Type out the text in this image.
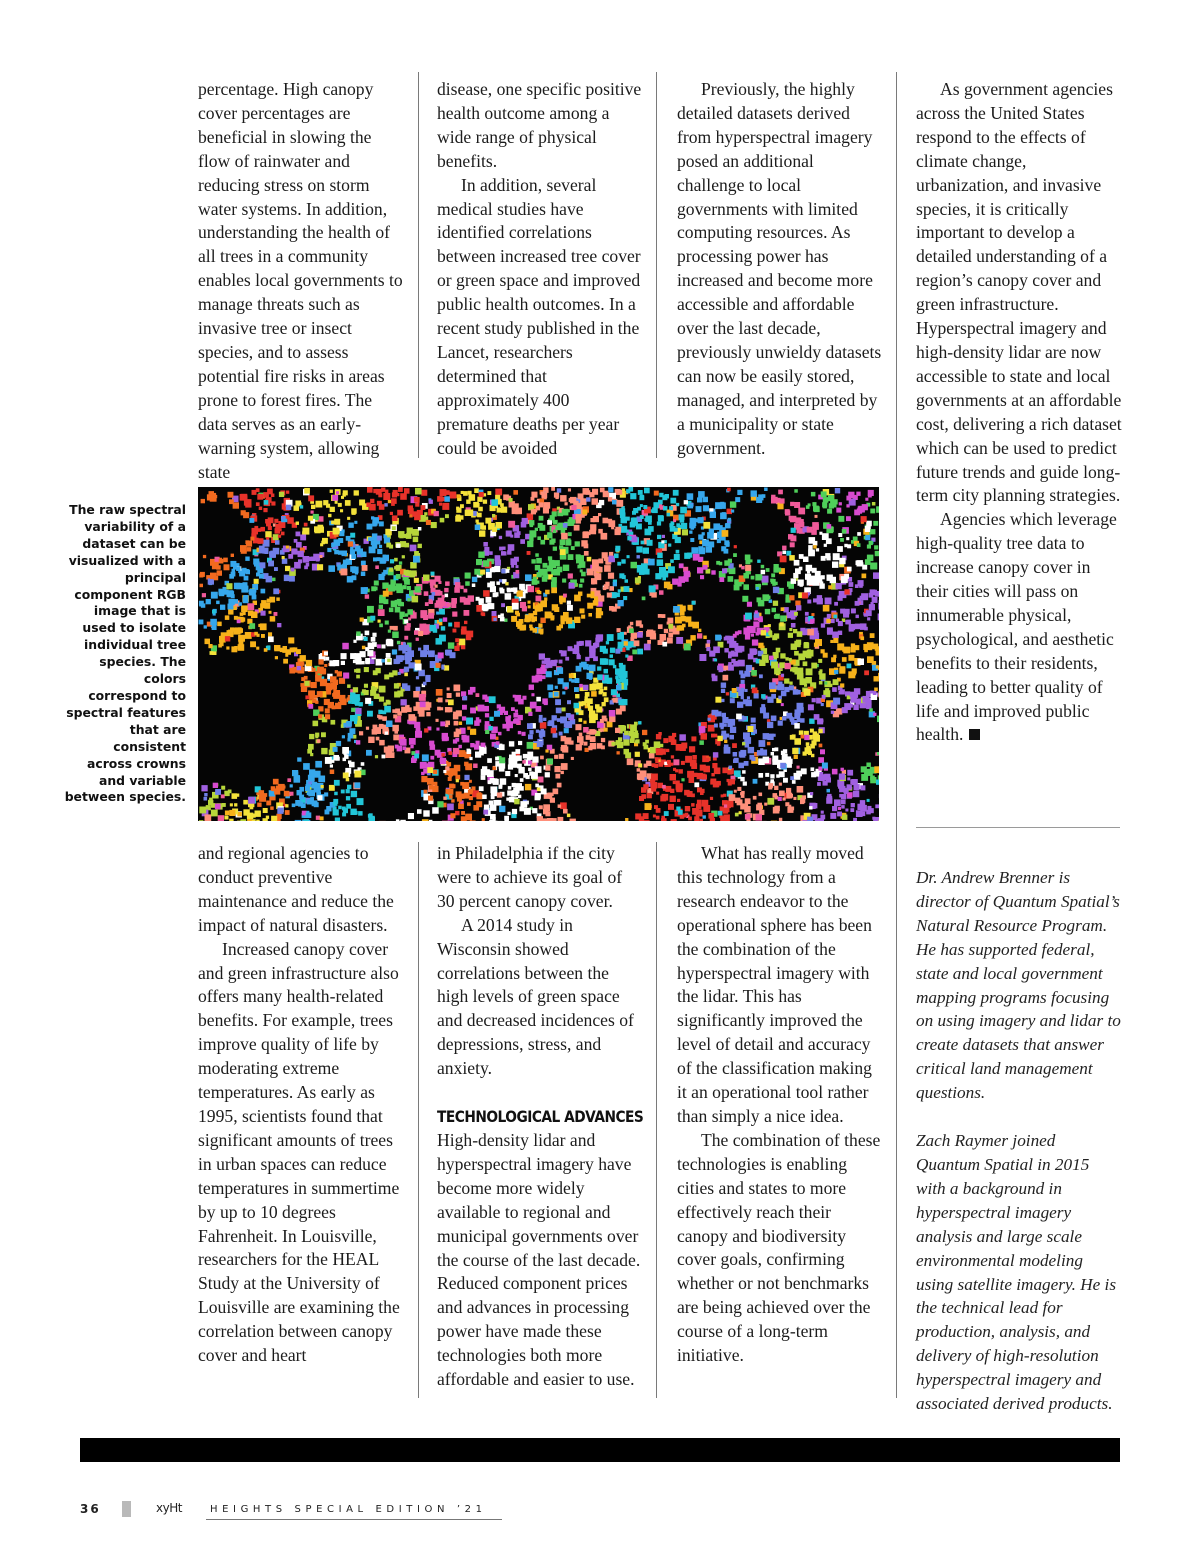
percentage. High canopy cover percentages are beneficial in slowing the flow of rainwater and reducing stress on storm water systems. In addition, understanding the health of all trees in a community enables local governments to manage threats such as invasive tree or insect species, and to assess potential fire risks in areas prone to forest fires. The data serves as an early-warning system, allowing state

disease, one specific positive health outcome among a wide range of physical benefits.

In addition, several medical studies have identified correlations between increased tree cover or green space and improved public health outcomes. In a recent study published in the Lancet, researchers determined that approximately 400 premature deaths per year could be avoided

Previously, the highly detailed datasets derived from hyperspectral imagery posed an additional challenge to local governments with limited computing resources. As processing power has increased and become more accessible and affordable over the last decade, previously unwieldy datasets can now be easily stored, managed, and interpreted by a municipality or state government.

As government agencies across the United States respond to the effects of climate change, urbanization, and invasive species, it is critically important to develop a detailed understanding of a region’s canopy cover and green infrastructure. Hyperspectral imagery and high-density lidar are now accessible to state and local governments at an affordable cost, delivering a rich dataset which can be used to predict future trends and guide long-term city planning strategies.

Agencies which leverage high-quality tree data to increase canopy cover in their cities will pass on innumerable physical, psychological, and aesthetic benefits to their residents, leading to better quality of life and improved public health.

The raw spectral variability of a dataset can be visualized with a principal component RGB image that is used to isolate individual tree species. The colors correspond to spectral features that are consistent across crowns and variable between species.

and regional agencies to conduct preventive maintenance and reduce the impact of natural disasters.

Increased canopy cover and green infrastructure also offers many health-related benefits. For example, trees improve quality of life by moderating extreme temperatures. As early as 1995, scientists found that significant amounts of trees in urban spaces can reduce temperatures in summertime by up to 10 degrees Fahrenheit. In Louisville, researchers for the HEAL Study at the University of Louisville are examining the correlation between canopy cover and heart

in Philadelphia if the city were to achieve its goal of 30 percent canopy cover.

A 2014 study in Wisconsin showed correlations between the high levels of green space and decreased incidences of depressions, stress, and anxiety.

TECHNOLOGICAL ADVANCES

High-density lidar and hyperspectral imagery have become more widely available to regional and municipal governments over the course of the last decade. Reduced component prices and advances in processing power have made these technologies both more affordable and easier to use.

What has really moved this technology from a research endeavor to the operational sphere has been the combination of the hyperspectral imagery with the lidar. This has significantly improved the level of detail and accuracy of the classification making it an operational tool rather than simply a nice idea.

The combination of these technologies is enabling cities and states to more effectively reach their canopy and biodiversity cover goals, confirming whether or not benchmarks are being achieved over the course of a long-term initiative.

Dr. Andrew Brenner is director of Quantum Spatial’s Natural Resource Program. He has supported federal, state and local government mapping programs focusing on using imagery and lidar to create datasets that answer critical land management questions.

Zach Raymer joined Quantum Spatial in 2015 with a background in hyperspectral imagery analysis and large scale environmental modeling using satellite imagery. He is the technical lead for production, analysis, and delivery of high-resolution hyperspectral imagery and associated derived products.

36	xyHt	HEIGHTS SPECIAL EDITION ’21
